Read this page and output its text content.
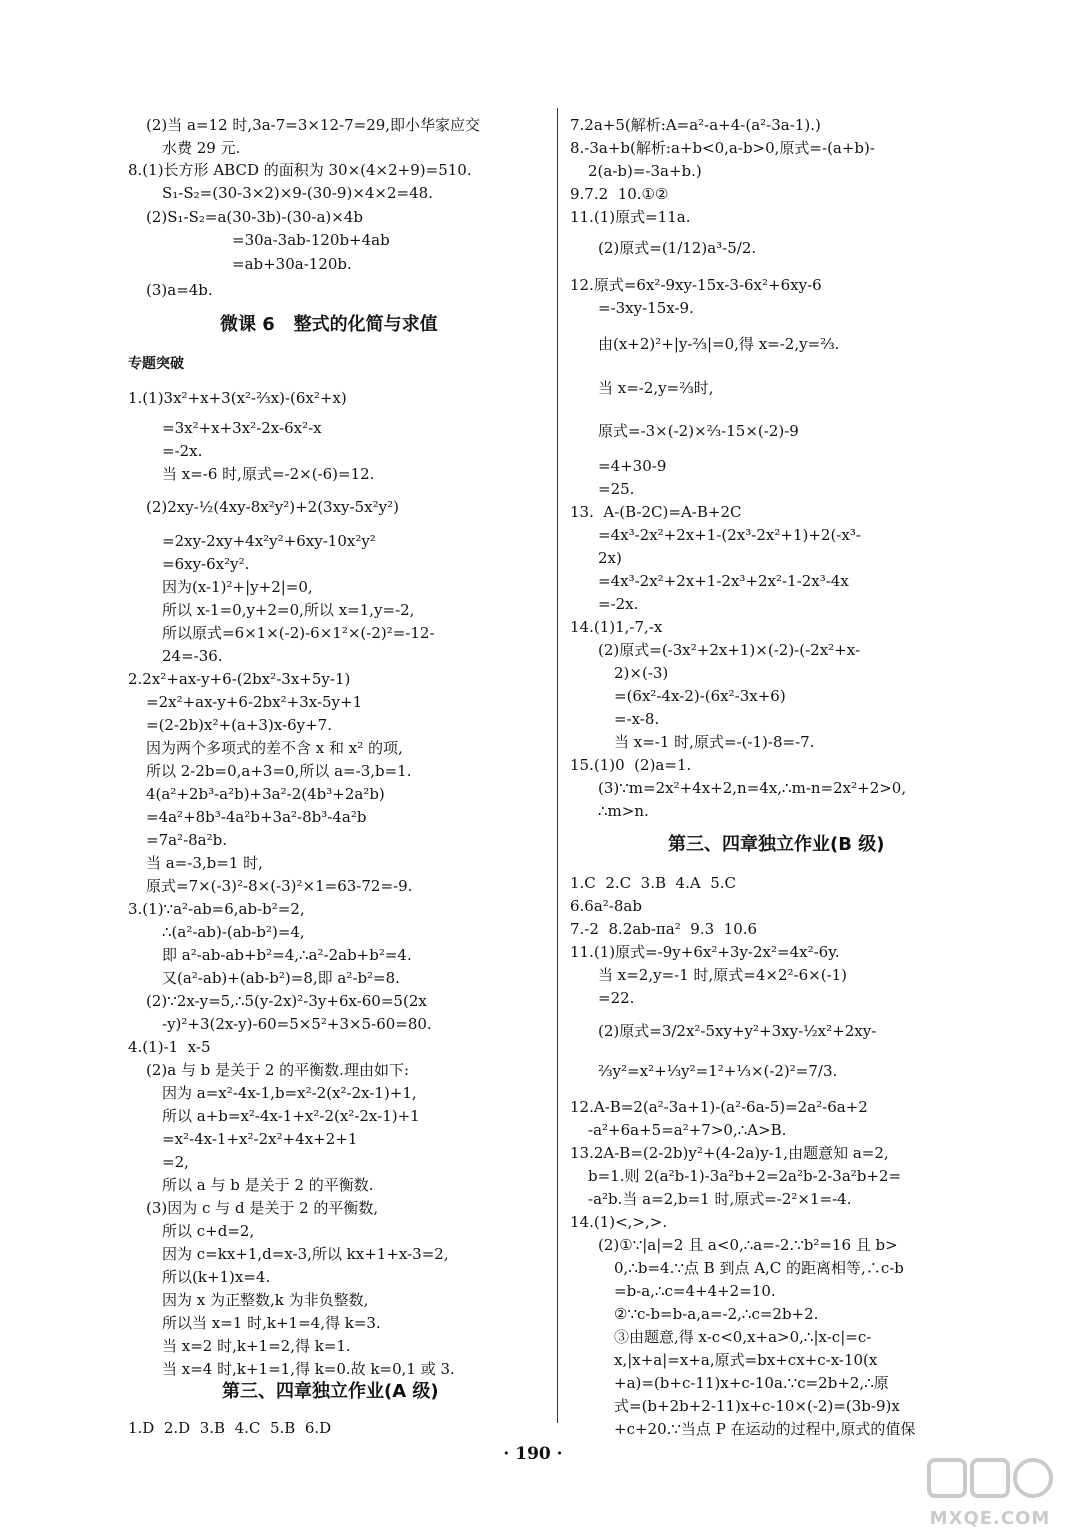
(2)当 a=12 时,3a-7=3×12-7=29,即小华家应交
水费 29 元.
8.(1)长方形 ABCD 的面积为 30×(4×2+9)=510.
S₁-S₂=(30-3×2)×9-(30-9)×4×2=48.
(2)S₁-S₂=a(30-3b)-(30-a)×4b
=30a-3ab-120b+4ab
=ab+30a-120b.
(3)a=4b.
专题突破
1.(1)3x²+x+3(x²-⅔x)-(6x²+x)
=3x²+x+3x²-2x-6x²-x
=-2x.
当 x=-6 时,原式=-2×(-6)=12.
(2)2xy-½(4xy-8x²y²)+2(3xy-5x²y²)
=2xy-2xy+4x²y²+6xy-10x²y²
=6xy-6x²y².
因为(x-1)²+|y+2|=0,
所以 x-1=0,y+2=0,所以 x=1,y=-2,
所以原式=6×1×(-2)-6×1²×(-2)²=-12-
24=-36.
2.2x²+ax-y+6-(2bx²-3x+5y-1)
=2x²+ax-y+6-2bx²+3x-5y+1
=(2-2b)x²+(a+3)x-6y+7.
因为两个多项式的差不含 x 和 x² 的项,
所以 2-2b=0,a+3=0,所以 a=-3,b=1.
4(a²+2b³-a²b)+3a²-2(4b³+2a²b)
=4a²+8b³-4a²b+3a²-8b³-4a²b
=7a²-8a²b.
当 a=-3,b=1 时,
原式=7×(-3)²-8×(-3)²×1=63-72=-9.
3.(1)∵a²-ab=6,ab-b²=2,
∴(a²-ab)-(ab-b²)=4,
即 a²-ab-ab+b²=4,∴a²-2ab+b²=4.
又(a²-ab)+(ab-b²)=8,即 a²-b²=8.
(2)∵2x-y=5,∴5(y-2x)²-3y+6x-60=5(2x
-y)²+3(2x-y)-60=5×5²+3×5-60=80.
4.(1)-1  x-5
(2)a 与 b 是关于 2 的平衡数.理由如下:
因为 a=x²-4x-1,b=x²-2(x²-2x-1)+1,
所以 a+b=x²-4x-1+x²-2(x²-2x-1)+1
=x²-4x-1+x²-2x²+4x+2+1
=2,
所以 a 与 b 是关于 2 的平衡数.
(3)因为 c 与 d 是关于 2 的平衡数,
所以 c+d=2,
因为 c=kx+1,d=x-3,所以 kx+1+x-3=2,
所以(k+1)x=4.
因为 x 为正整数,k 为非负整数,
所以当 x=1 时,k+1=4,得 k=3.
当 x=2 时,k+1=2,得 k=1.
当 x=4 时,k+1=1,得 k=0.故 k=0,1 或 3.
1.D  2.D  3.B  4.C  5.B  6.D
7.2a+5(解析:A=a²-a+4-(a²-3a-1).)
8.-3a+b(解析:a+b<0,a-b>0,原式=-(a+b)-
2(a-b)=-3a+b.)
9.7.2  10.①②
11.(1)原式=11a.
(2)原式=(1/12)a³-5/2.
12.原式=6x²-9xy-15x-3-6x²+6xy-6
=-3xy-15x-9.
由(x+2)²+|y-⅔|=0,得 x=-2,y=⅔.
当 x=-2,y=⅔时,
原式=-3×(-2)×⅔-15×(-2)-9
=4+30-9
=25.
13.  A-(B-2C)=A-B+2C
=4x³-2x²+2x+1-(2x³-2x²+1)+2(-x³-
2x)
=4x³-2x²+2x+1-2x³+2x²-1-2x³-4x
=-2x.
14.(1)1,-7,-x
(2)原式=(-3x²+2x+1)×(-2)-(-2x²+x-
2)×(-3)
=(6x²-4x-2)-(6x²-3x+6)
=-x-8.
当 x=-1 时,原式=-(-1)-8=-7.
15.(1)0  (2)a=1.
(3)∵m=2x²+4x+2,n=4x,∴m-n=2x²+2>0,
∴m>n.
1.C  2.C  3.B  4.A  5.C
6.6a²-8ab
7.-2  8.2ab-πa²  9.3  10.6
11.(1)原式=-9y+6x²+3y-2x²=4x²-6y.
当 x=2,y=-1 时,原式=4×2²-6×(-1)
=22.
(2)原式=3/2x²-5xy+y²+3xy-½x²+2xy-
⅔y²=x²+⅓y²=1²+⅓×(-2)²=7/3.
12.A-B=2(a²-3a+1)-(a²-6a-5)=2a²-6a+2
-a²+6a+5=a²+7>0,∴A>B.
13.2A-B=(2-2b)y²+(4-2a)y-1,由题意知 a=2,
b=1.则 2(a²b-1)-3a²b+2=2a²b-2-3a²b+2=
-a²b.当 a=2,b=1 时,原式=-2²×1=-4.
14.(1)<,>,>.
(2)①∵|a|=2 且 a<0,∴a=-2.∵b²=16 且 b>
0,∴b=4.∵点 B 到点 A,C 的距离相等,∴c-b
=b-a,∴c=4+4+2=10.
②∵c-b=b-a,a=-2,∴c=2b+2.
③由题意,得 x-c<0,x+a>0,∴|x-c|=c-
x,|x+a|=x+a,原式=bx+cx+c-x-10(x
+a)=(b+c-11)x+c-10a.∵c=2b+2,∴原
式=(b+2b+2-11)x+c-10×(-2)=(3b-9)x
+c+20.∵当点 P 在运动的过程中,原式的值保
微课 6   整式的化简与求值
第三、四章独立作业(A 级)
第三、四章独立作业(B 级)
· 190 ·
MXQE.COM
